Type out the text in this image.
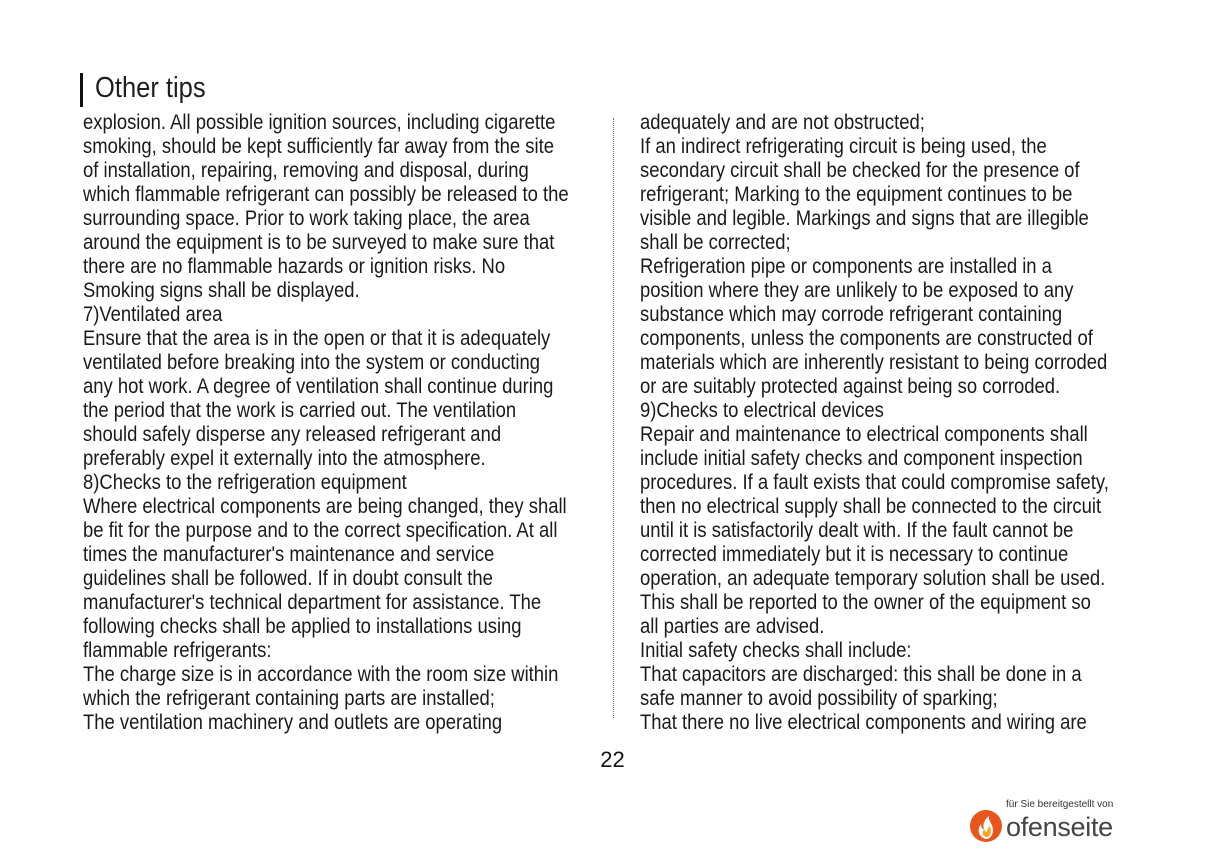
Other tips
explosion. All possible ignition sources, including cigarette
smoking, should be kept sufficiently far away from the site
of installation, repairing, removing and disposal, during
which flammable refrigerant can possibly be released to the
surrounding space. Prior to work taking place, the area
around the equipment is to be surveyed to make sure that
there are no flammable hazards or ignition risks. No
Smoking signs shall be displayed.
7)Ventilated area
Ensure that the area is in the open or that it is adequately
ventilated before breaking into the system or conducting
any hot work. A degree of ventilation shall continue during
the period that the work is carried out. The ventilation
should safely disperse any released refrigerant and
preferably expel it externally into the atmosphere.
8)Checks to the refrigeration equipment
Where electrical components are being changed, they shall
be fit for the purpose and to the correct specification. At all
times the manufacturer's maintenance and service
guidelines shall be followed. If in doubt consult the
manufacturer's technical department for assistance. The
following checks shall be applied to installations using
flammable refrigerants:
The charge size is in accordance with the room size within
which the refrigerant containing parts are installed;
The ventilation machinery and outlets are operating
adequately and are not obstructed;
If an indirect refrigerating circuit is being used, the
secondary circuit shall be checked for the presence of
refrigerant; Marking to the equipment continues to be
visible and legible. Markings and signs that are illegible
shall be corrected;
Refrigeration pipe or components are installed in a
position where they are unlikely to be exposed to any
substance which may corrode refrigerant containing
components, unless the components are constructed of
materials which are inherently resistant to being corroded
or are suitably protected against being so corroded.
9)Checks to electrical devices
Repair and maintenance to electrical components shall
include initial safety checks and component inspection
procedures. If a fault exists that could compromise safety,
then no electrical supply shall be connected to the circuit
until it is satisfactorily dealt with. If the fault cannot be
corrected immediately but it is necessary to continue
operation, an adequate temporary solution shall be used.
This shall be reported to the owner of the equipment so
all parties are advised.
Initial safety checks shall include:
That capacitors are discharged: this shall be done in a
safe manner to avoid possibility of sparking;
That there no live electrical components and wiring are
22
für Sie bereitgestellt von
ofenseite
